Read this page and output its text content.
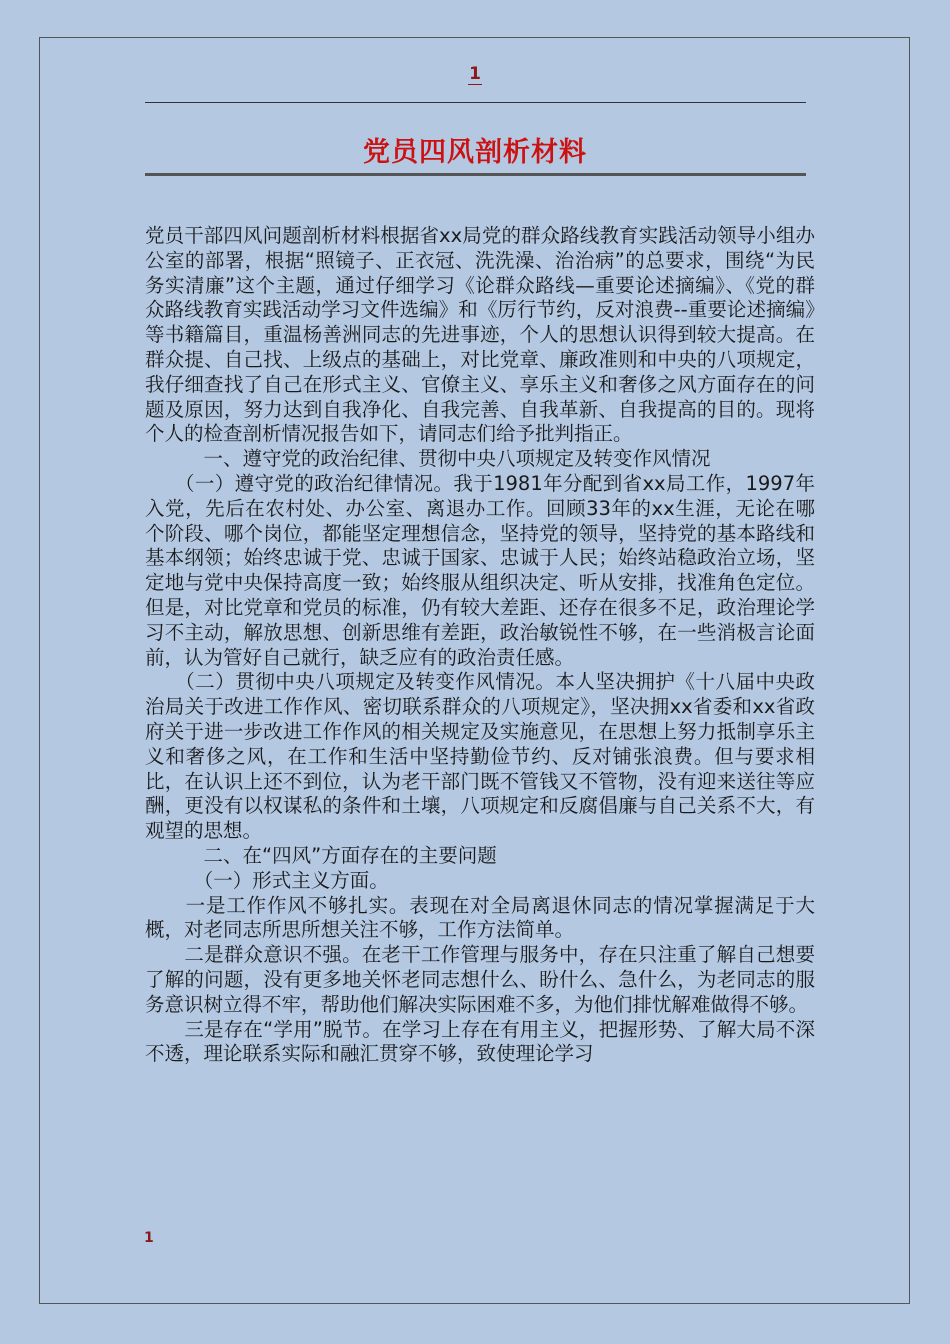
1
党员四风剖析材料

党员干部四风问题剖析材料根据省xx局党的群众路线教育实践活动领导小组办公室的部署，根据“照镜子、正衣冠、洗洗澡、治治病”的总要求，围绕“为民务实清廉”这个主题，通过仔细学习《论群众路线—重要论述摘编》、《党的群众路线教育实践活动学习文件选编》和《厉行节约，反对浪费--重要论述摘编》等书籍篇目，重温杨善洲同志的先进事迹，个人的思想认识得到较大提高。在群众提、自己找、上级点的基础上，对比党章、廉政准则和中央的八项规定，我仔细查找了自己在形式主义、官僚主义、享乐主义和奢侈之风方面存在的问题及原因，努力达到自我净化、自我完善、自我革新、自我提高的目的。现将个人的检查剖析情况报告如下，请同志们给予批判指正。

　　　一、遵守党的政治纪律、贯彻中央八项规定及转变作风情况

　　（一）遵守党的政治纪律情况。我于1981年分配到省xx局工作，1997年入党，先后在农村处、办公室、离退办工作。回顾33年的xx生涯，无论在哪个阶段、哪个岗位，都能坚定理想信念，坚持党的领导，坚持党的基本路线和基本纲领；始终忠诚于党、忠诚于国家、忠诚于人民；始终站稳政治立场，坚定地与党中央保持高度一致；始终服从组织决定、听从安排，找准角色定位。但是，对比党章和党员的标准，仍有较大差距、还存在很多不足，政治理论学习不主动，解放思想、创新思维有差距，政治敏锐性不够，在一些消极言论面前，认为管好自己就行，缺乏应有的政治责任感。

　　（二）贯彻中央八项规定及转变作风情况。本人坚决拥护《十八届中央政治局关于改进工作作风、密切联系群众的八项规定》，坚决拥xx省委和xx省政府关于进一步改进工作作风的相关规定及实施意见，在思想上努力抵制享乐主义和奢侈之风，在工作和生活中坚持勤俭节约、反对铺张浪费。但与要求相比，在认识上还不到位，认为老干部门既不管钱又不管物，没有迎来送往等应酬，更没有以权谋私的条件和土壤，八项规定和反腐倡廉与自己关系不大，有观望的思想。

　　　二、在“四风”方面存在的主要问题

　　　（一）形式主义方面。

　　一是工作作风不够扎实。表现在对全局离退休同志的情况掌握满足于大概，对老同志所思所想关注不够，工作方法简单。

　　二是群众意识不强。在老干工作管理与服务中，存在只注重了解自己想要了解的问题，没有更多地关怀老同志想什么、盼什么、急什么，为老同志的服务意识树立得不牢，帮助他们解决实际困难不多，为他们排忧解难做得不够。

　　三是存在“学用”脱节。在学习上存在有用主义，把握形势、了解大局不深不透，理论联系实际和融汇贯穿不够，致使理论学习

1
